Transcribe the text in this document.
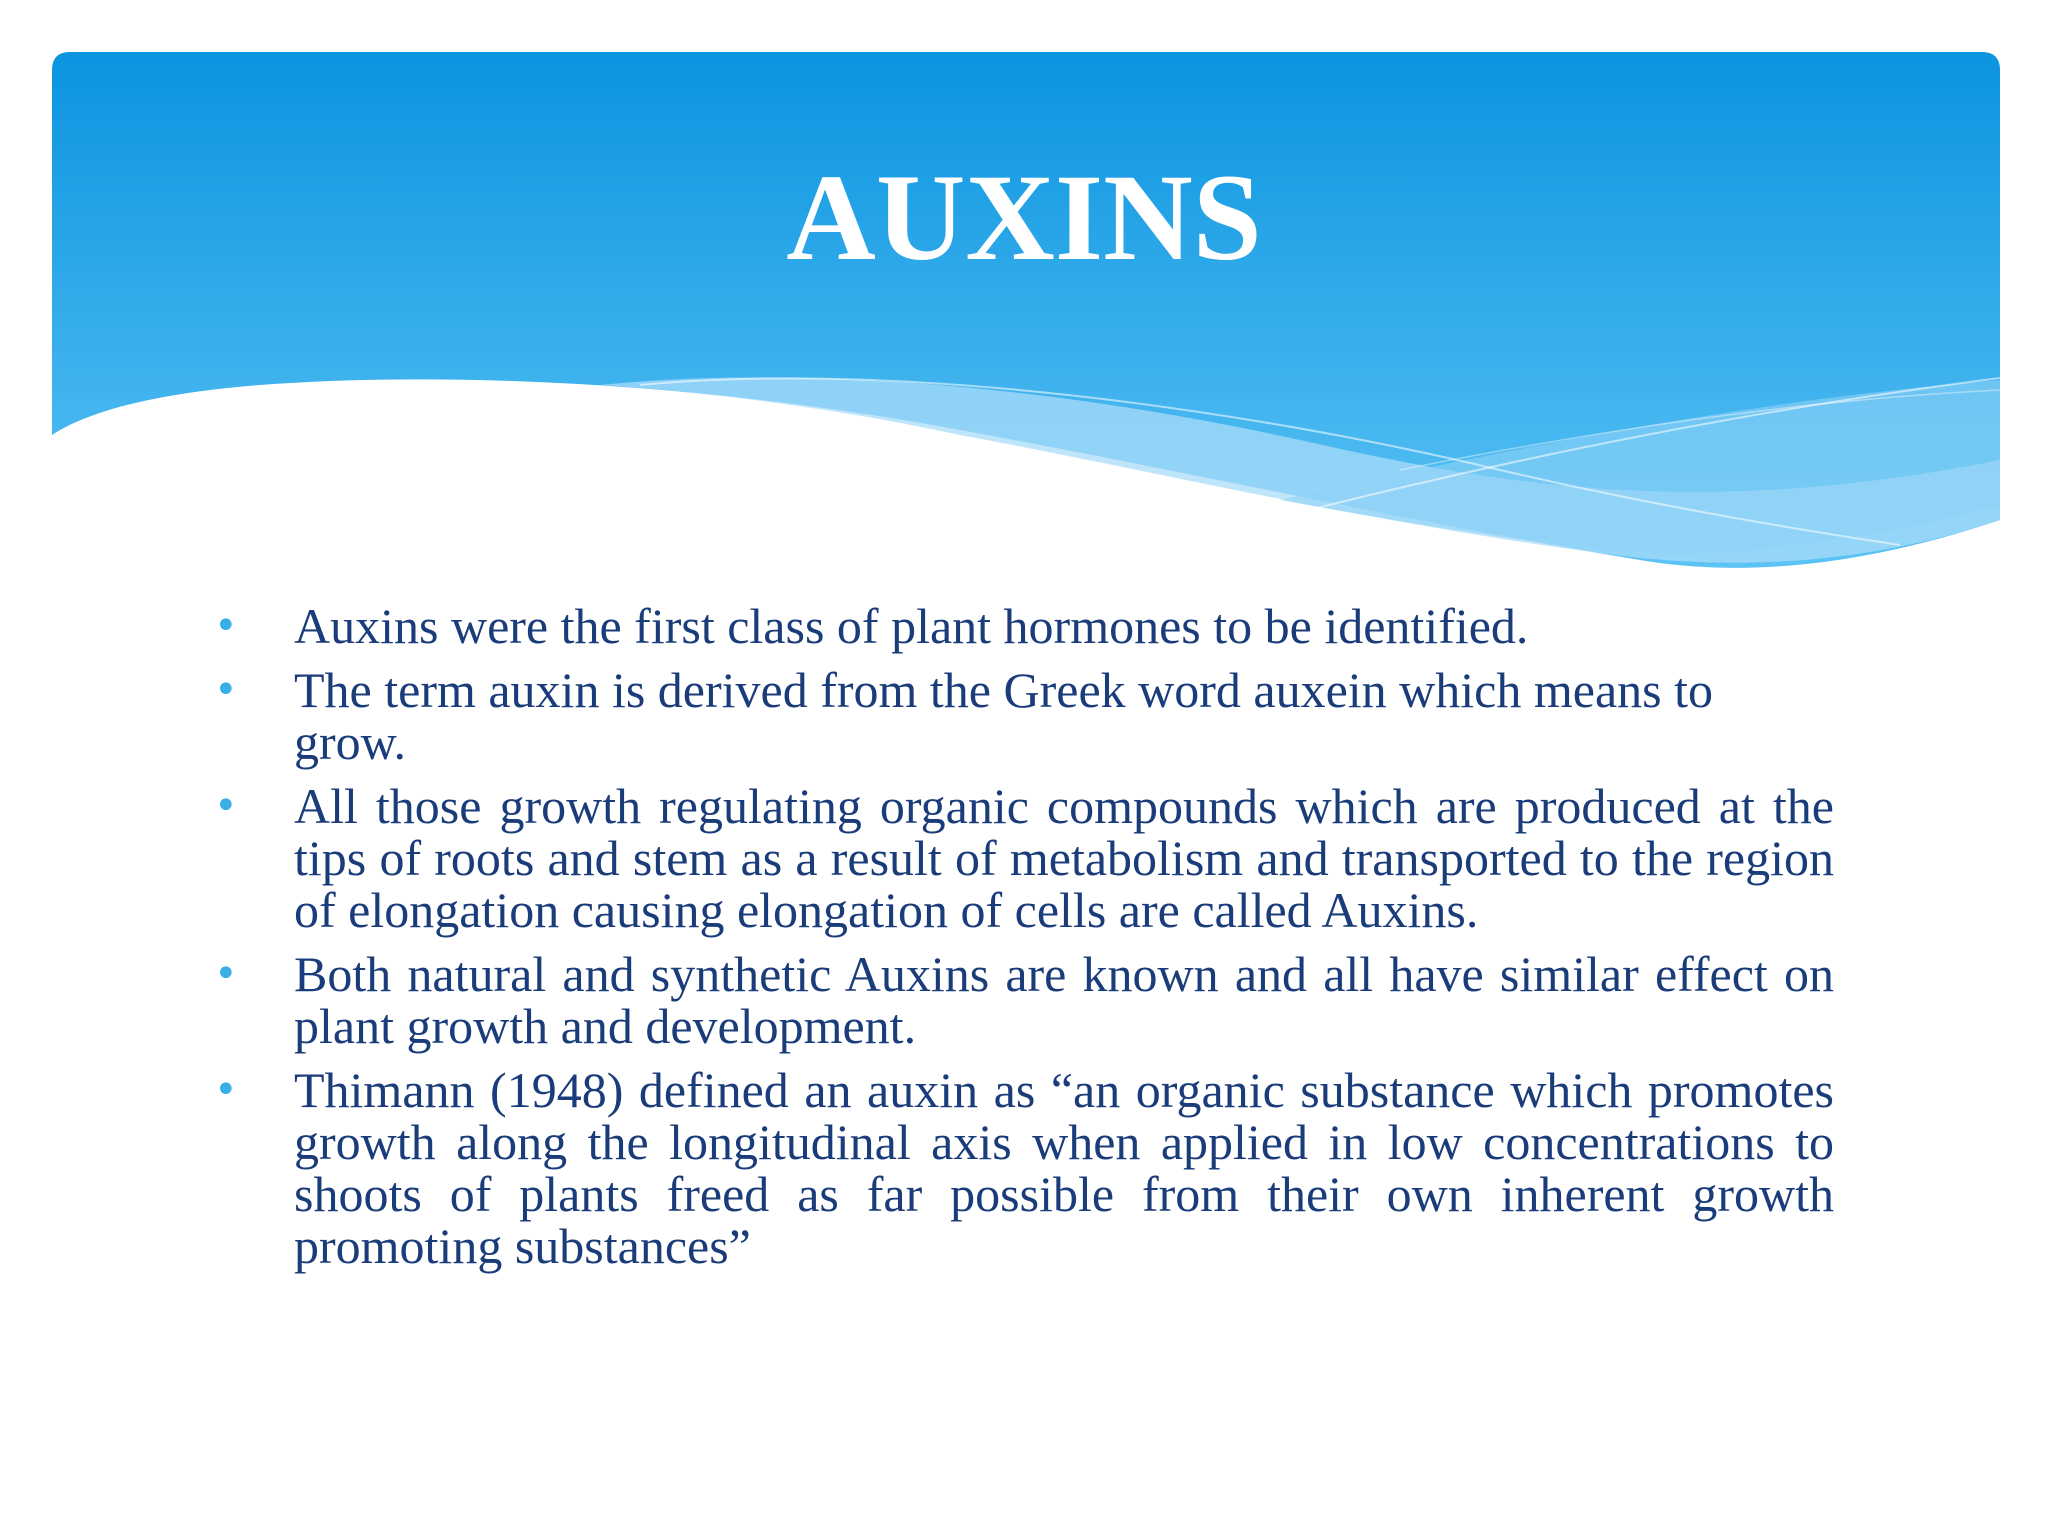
AUXINS
• Auxins were the first class of plant hormones to be identified.
• The term auxin is derived from the Greek word auxein which means to grow.
• All those growth regulating organic compounds which are produced at the tips of roots and stem as a result of metabolism and transported to the region of elongation causing elongation of cells are called Auxins.
• Both natural and synthetic Auxins are known and all have similar effect on plant growth and development.
• Thimann (1948) defined an auxin as “an organic substance which promotes growth along the longitudinal axis when applied in low concentrations to shoots of plants freed as far possible from their own inherent growth promoting substances”
